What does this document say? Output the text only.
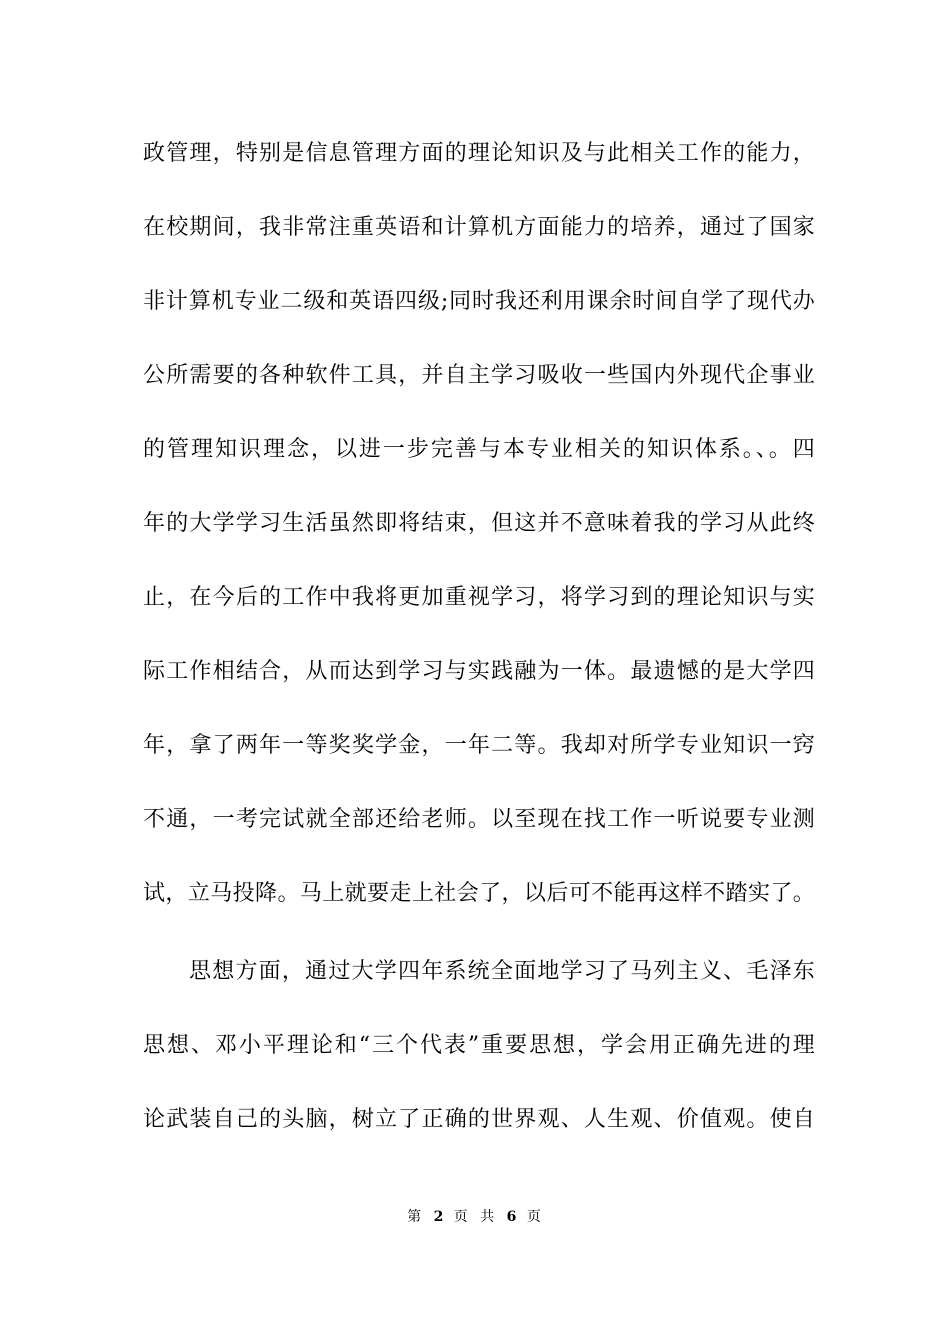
政管理，特别是信息管理方面的理论知识及与此相关工作的能力，
在校期间，我非常注重英语和计算机方面能力的培养，通过了国家
非计算机专业二级和英语四级;同时我还利用课余时间自学了现代办
公所需要的各种软件工具，并自主学习吸收一些国内外现代企事业
的管理知识理念，以进一步完善与本专业相关的知识体系。、。四
年的大学学习生活虽然即将结束，但这并不意味着我的学习从此终
止，在今后的工作中我将更加重视学习，将学习到的理论知识与实
际工作相结合，从而达到学习与实践融为一体。最遗憾的是大学四
年，拿了两年一等奖奖学金，一年二等。我却对所学专业知识一窍
不通，一考完试就全部还给老师。以至现在找工作一听说要专业测
试，立马投降。马上就要走上社会了，以后可不能再这样不踏实了。
思想方面，通过大学四年系统全面地学习了马列主义、毛泽东
思想、邓小平理论和“三个代表”重要思想，学会用正确先进的理
论武装自己的头脑，树立了正确的世界观、人生观、价值观。使自
第 2 页 共 6 页
